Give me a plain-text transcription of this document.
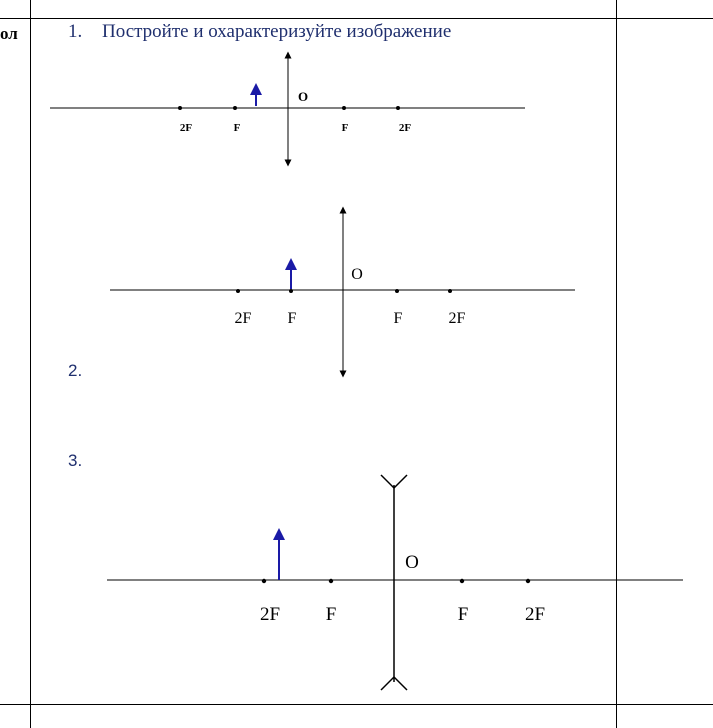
ол	1. Постройте и охарактеризуйте изображение
2.
3.
2F	F	F	2F
O
2F F	F	2F
O
2F F	F	2F
O
